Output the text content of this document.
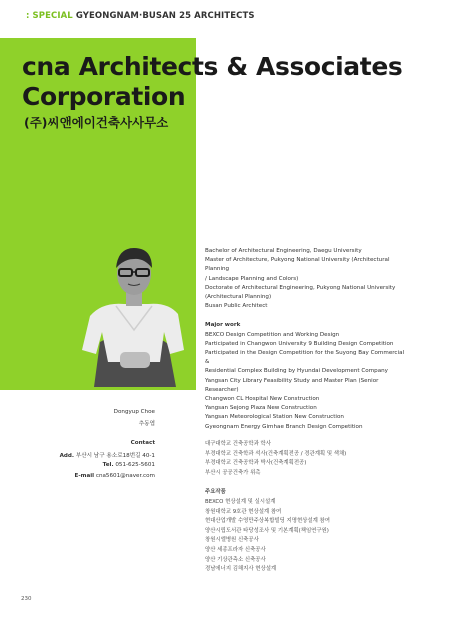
: SPECIAL GYEONGNAM·BUSAN 25 ARCHITECTS
cna Architects & Associates
Corporation
(주)씨앤에이건축사사무소

Bachelor of Architectural Engineering, Daegu University

Master of Architecture, Pukyong National University (Architectural Planning

/ Landscape Planning and Colors)

Doctorate of Architectural Engineering, Pukyong National University

(Architectural Planning)

Busan Public Architect

Major work

BEXCO Design Competition and Working Design

Participated in Changwon University 9 Building Design Competition

Participated in the Design Competition for the Suyong Bay Commercial &

Residential Complex Building by Hyundai Development Company

Yangsan City Library Feasibility Study and Master Plan (Senior Researcher)

Changwon CL Hospital New Construction

Yangsan Sejong Plaza New Construction

Yangsan Meteorological Station New Construction

Gyeongnam Energy Gimhae Branch Design Competition

Dongyup Choe
추동엽
Contact
Add. 부산시 남구 용소로18번길 40-1
Tel. 051-625-5601
E-mail cna5601@naver.com

대구대학교 건축공학과 학사

부경대학교 건축학과 석사(건축계획전공 / 경관계획 및 색채)

부경대학교 건축공학과 박사(건축계획전공)

부산시 공공건축가 위촉

주요작품

BEXCO 현상설계 및 실시설계

창원대학교 9호관 현상설계 참여

현대산업개발 수영만주상복합빌딩 지명현상설계 참여

양산시립도서관 타당성조사 및 기본계획(책임연구원)

창원시엘병원 신축공사

양산 세종프라자 신축공사

양산 기상관측소 신축공사

경남에너지 김해지사 현상설계

230
